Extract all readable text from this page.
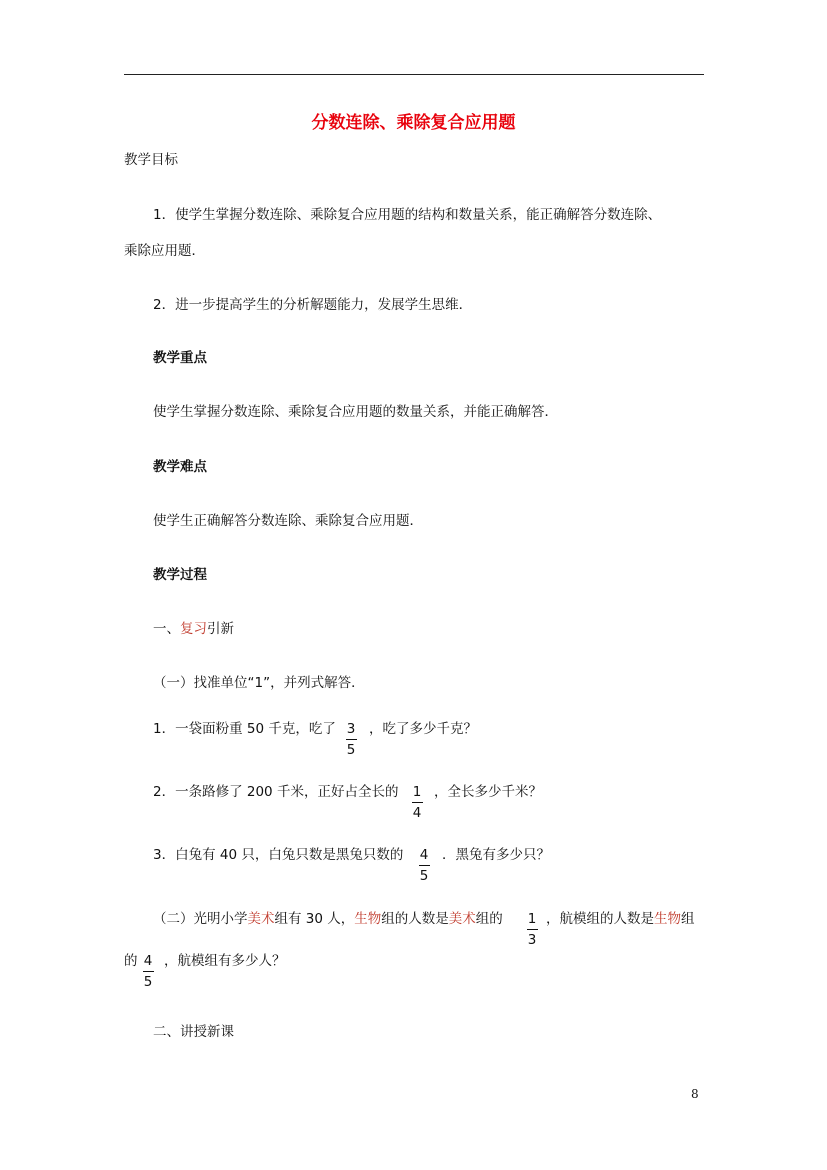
分数连除、乘除复合应用题
教学目标
1．使学生掌握分数连除、乘除复合应用题的结构和数量关系，能正确解答分数连除、
乘除应用题．
2．进一步提高学生的分析解题能力，发展学生思维．
教学重点
使学生掌握分数连除、乘除复合应用题的数量关系，并能正确解答．
教学难点
使学生正确解答分数连除、乘除复合应用题．
教学过程
一、复习引新
（一）找准单位“1”，并列式解答．
1．一袋面粉重 50 千克，吃了 3
5
，吃了多少千克？
2．一条路修了 200 千米，正好占全长的 1
4
，全长多少千米？
3．白兔有 40 只，白兔只数是黑兔只数的 4
5
．黑兔有多少只？
（二）光明小学美术组有 30 人，生物组的人数是美术组的 1
3
，航模组的人数是生物组
的 4
5
，航模组有多少人？
二、讲授新课
8
